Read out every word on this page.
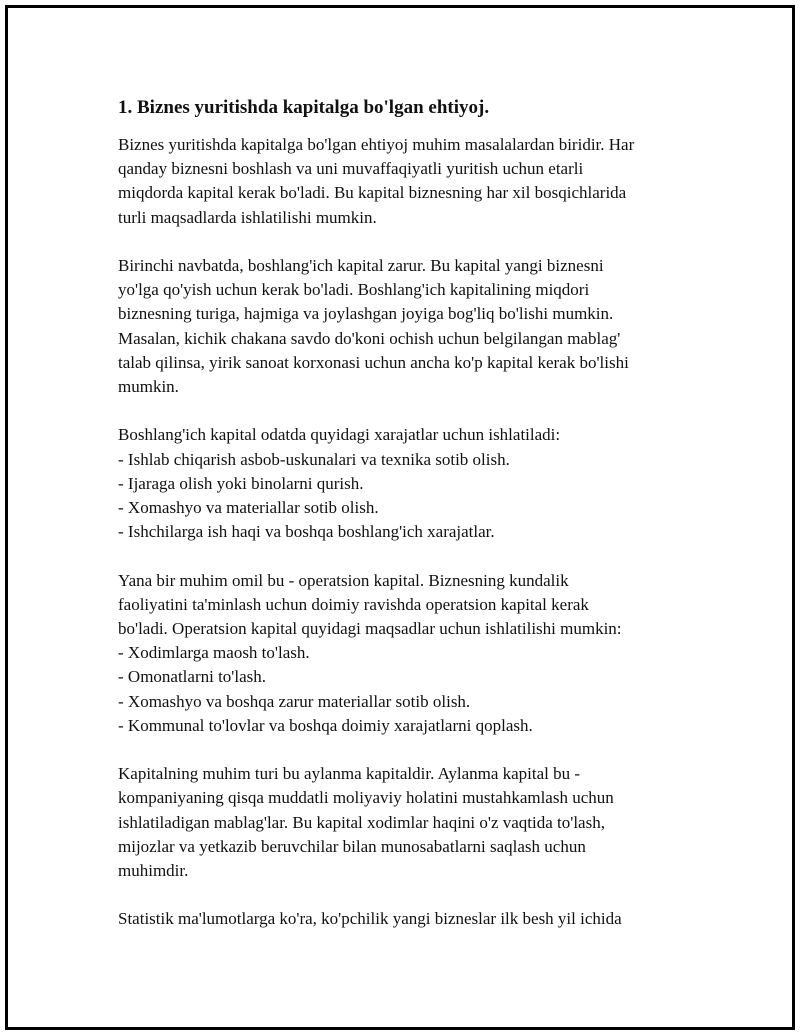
1. Biznes yuritishda kapitalga bo'lgan ehtiyoj.

Biznes yuritishda kapitalga bo'lgan ehtiyoj muhim masalalardan biridir. Har
qanday biznesni boshlash va uni muvaffaqiyatli yuritish uchun etarli
miqdorda kapital kerak bo'ladi. Bu kapital biznesning har xil bosqichlarida
turli maqsadlarda ishlatilishi mumkin.

Birinchi navbatda, boshlang'ich kapital zarur. Bu kapital yangi biznesni
yo'lga qo'yish uchun kerak bo'ladi. Boshlang'ich kapitalining miqdori
biznesning turiga, hajmiga va joylashgan joyiga bog'liq bo'lishi mumkin.
Masalan, kichik chakana savdo do'koni ochish uchun belgilangan mablag'
talab qilinsa, yirik sanoat korxonasi uchun ancha ko'p kapital kerak bo'lishi
mumkin.

Boshlang'ich kapital odatda quyidagi xarajatlar uchun ishlatiladi:
- Ishlab chiqarish asbob-uskunalari va texnika sotib olish.
- Ijaraga olish yoki binolarni qurish.
- Xomashyo va materiallar sotib olish.
- Ishchilarga ish haqi va boshqa boshlang'ich xarajatlar.

Yana bir muhim omil bu - operatsion kapital. Biznesning kundalik
faoliyatini ta'minlash uchun doimiy ravishda operatsion kapital kerak
bo'ladi. Operatsion kapital quyidagi maqsadlar uchun ishlatilishi mumkin:
- Xodimlarga maosh to'lash.
- Omonatlarni to'lash.
- Xomashyo va boshqa zarur materiallar sotib olish.
- Kommunal to'lovlar va boshqa doimiy xarajatlarni qoplash.

Kapitalning muhim turi bu aylanma kapitaldir. Aylanma kapital bu -
kompaniyaning qisqa muddatli moliyaviy holatini mustahkamlash uchun
ishlatiladigan mablag'lar. Bu kapital xodimlar haqini o'z vaqtida to'lash,
mijozlar va yetkazib beruvchilar bilan munosabatlarni saqlash uchun
muhimdir.

Statistik ma'lumotlarga ko'ra, ko'pchilik yangi bizneslar ilk besh yil ichida
